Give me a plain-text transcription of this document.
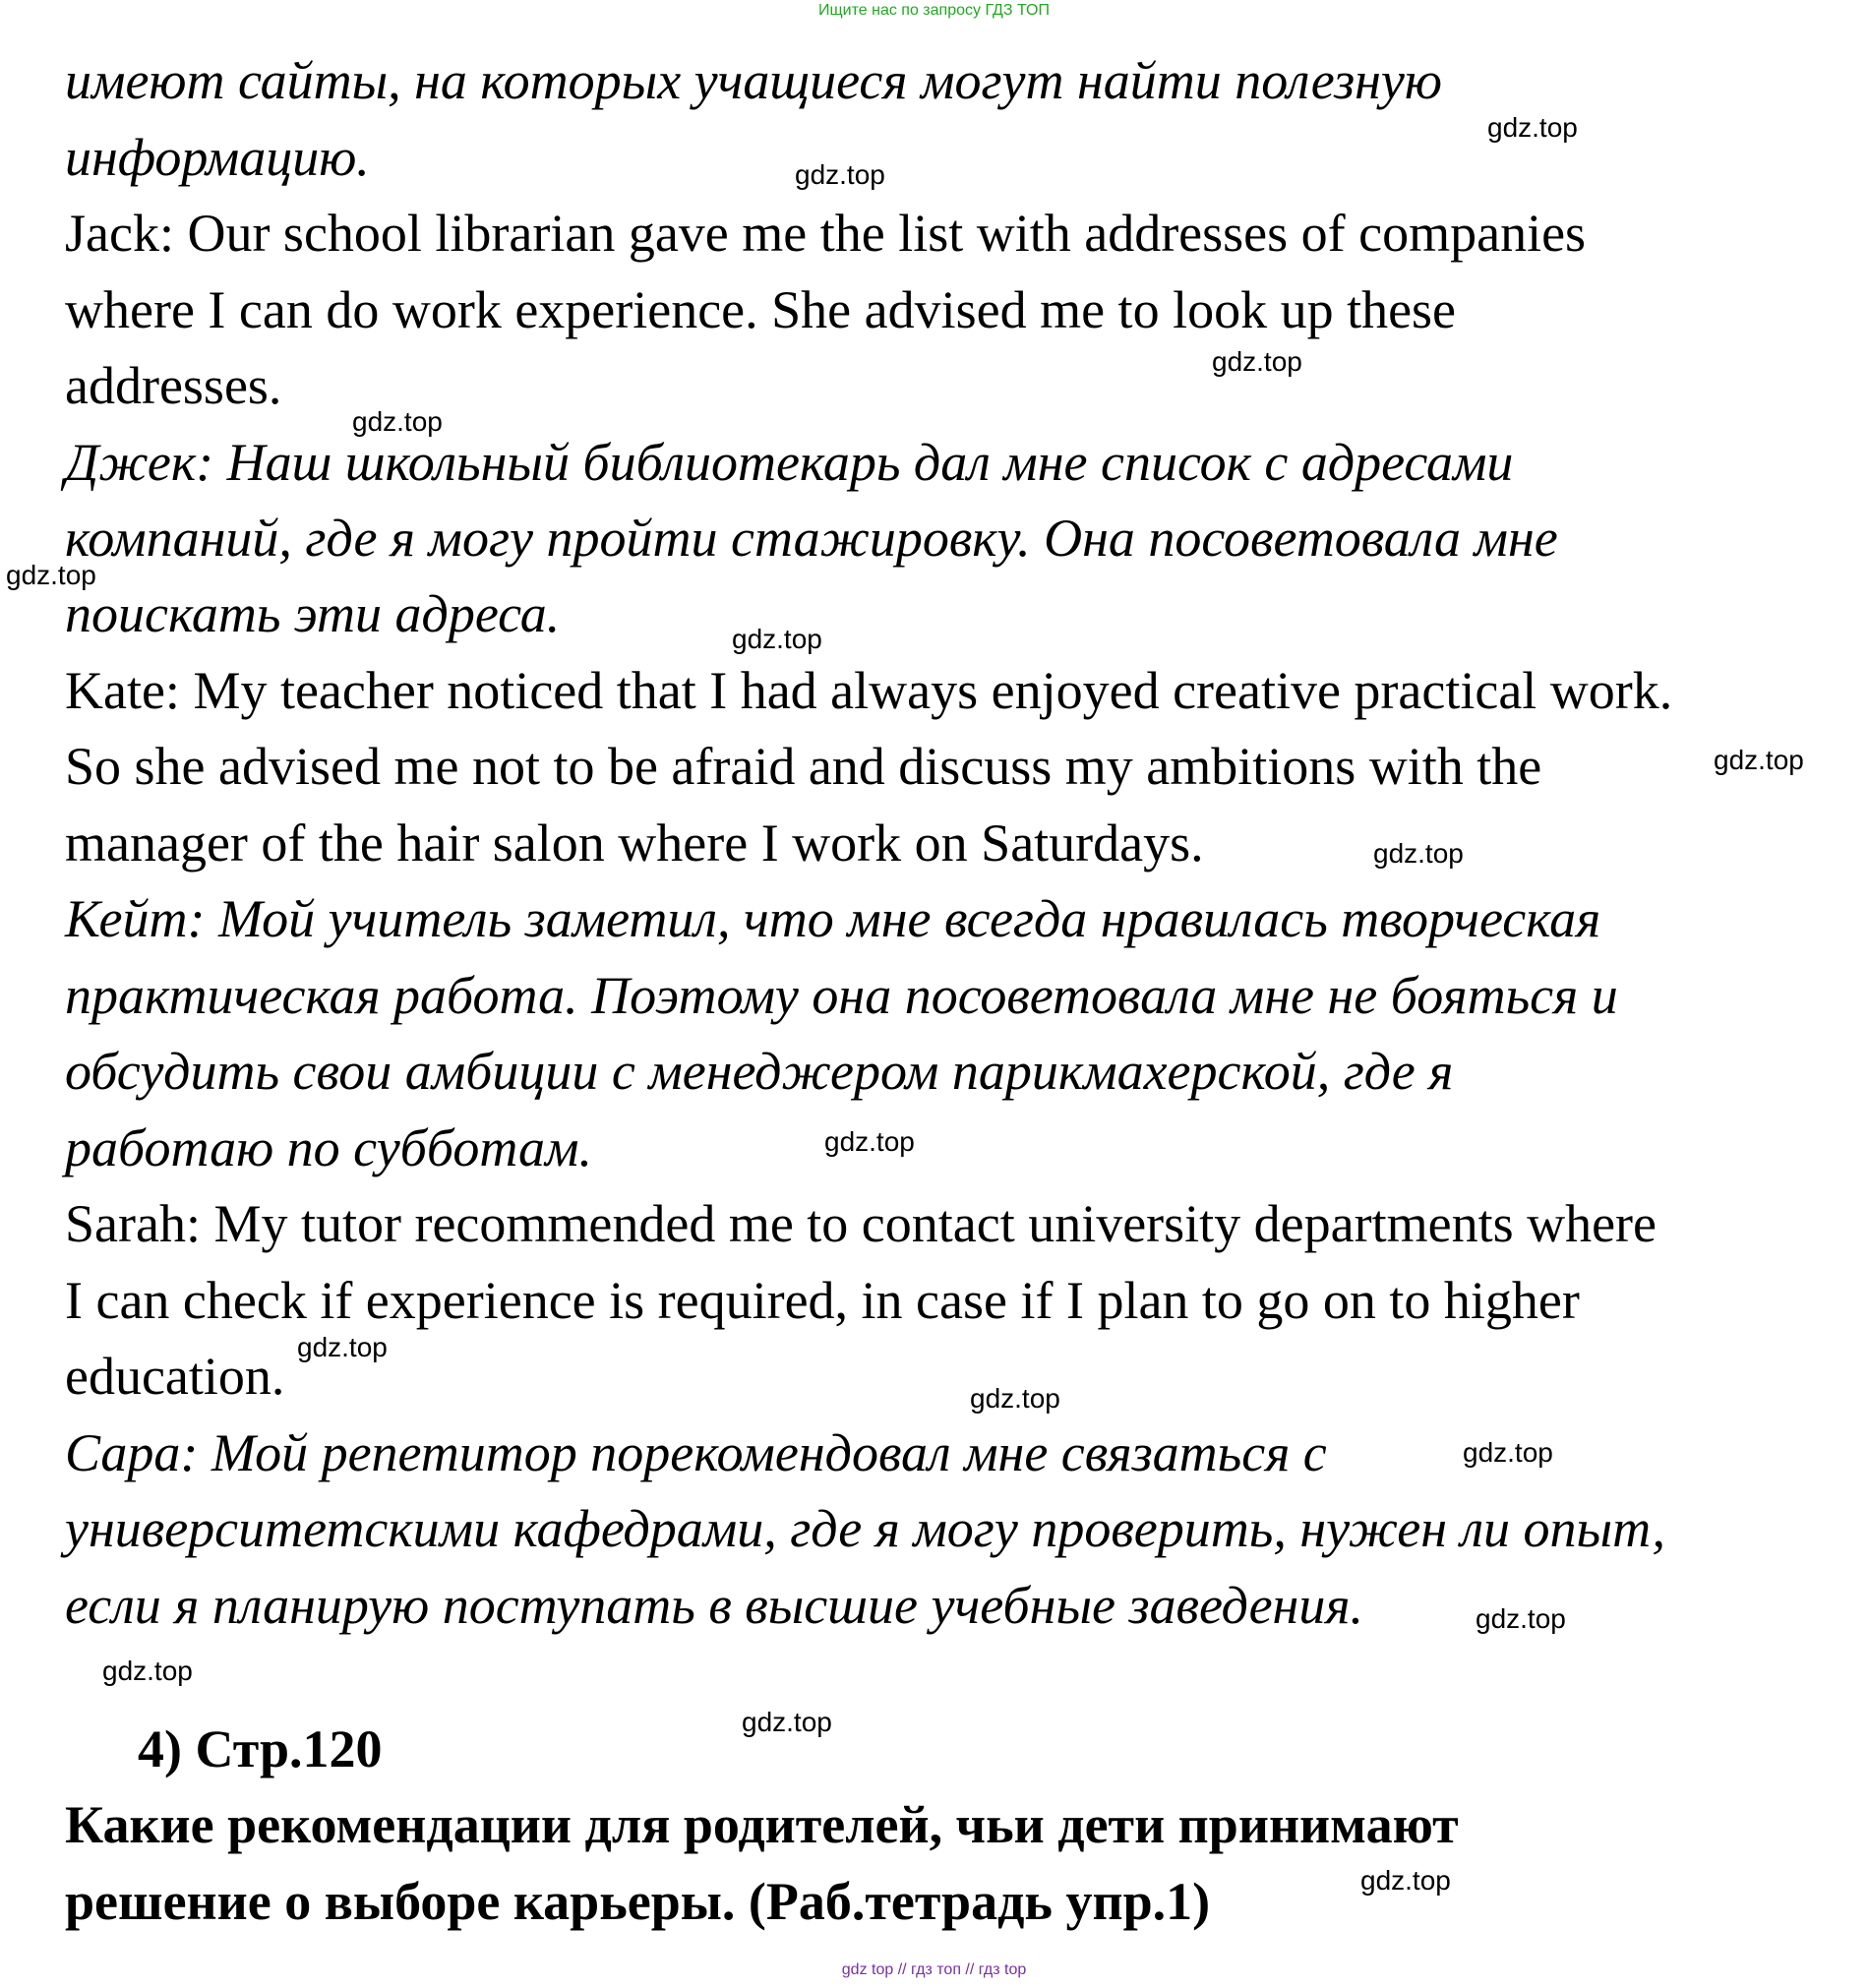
Ищите нас по запросу ГДЗ ТОП
имеют сайты, на которых учащиеся могут найти полезную
информацию.
Jack: Our school librarian gave me the list with addresses of companies
where I can do work experience. She advised me to look up these
addresses.
Джек: Наш школьный библиотекарь дал мне список с адресами
компаний, где я могу пройти стажировку. Она посоветовала мне
поискать эти адреса.
Kate: My teacher noticed that I had always enjoyed creative practical work.
So she advised me not to be afraid and discuss my ambitions with the
manager of the hair salon where I work on Saturdays.
Кейт: Мой учитель заметил, что мне всегда нравилась творческая
практическая работа. Поэтому она посоветовала мне не бояться и
обсудить свои амбиции с менеджером парикмахерской, где я
работаю по субботам.
Sarah: My tutor recommended me to contact university departments where
I can check if experience is required, in case if I plan to go on to higher
education.
Сара: Мой репетитор порекомендовал мне связаться с
университетскими кафедрами, где я могу проверить, нужен ли опыт,
если я планирую поступать в высшие учебные заведения.
4) Стр.120
Какие рекомендации для родителей, чьи дети принимают
решение о выборе карьеры. (Раб.тетрадь упр.1)
gdz.top
gdz.top
gdz.top
gdz.top
gdz.top
gdz.top
gdz.top
gdz.top
gdz.top
gdz.top
gdz.top
gdz.top
gdz.top
gdz.top
gdz.top
gdz.top
gdz top // гдз топ // гдз top
